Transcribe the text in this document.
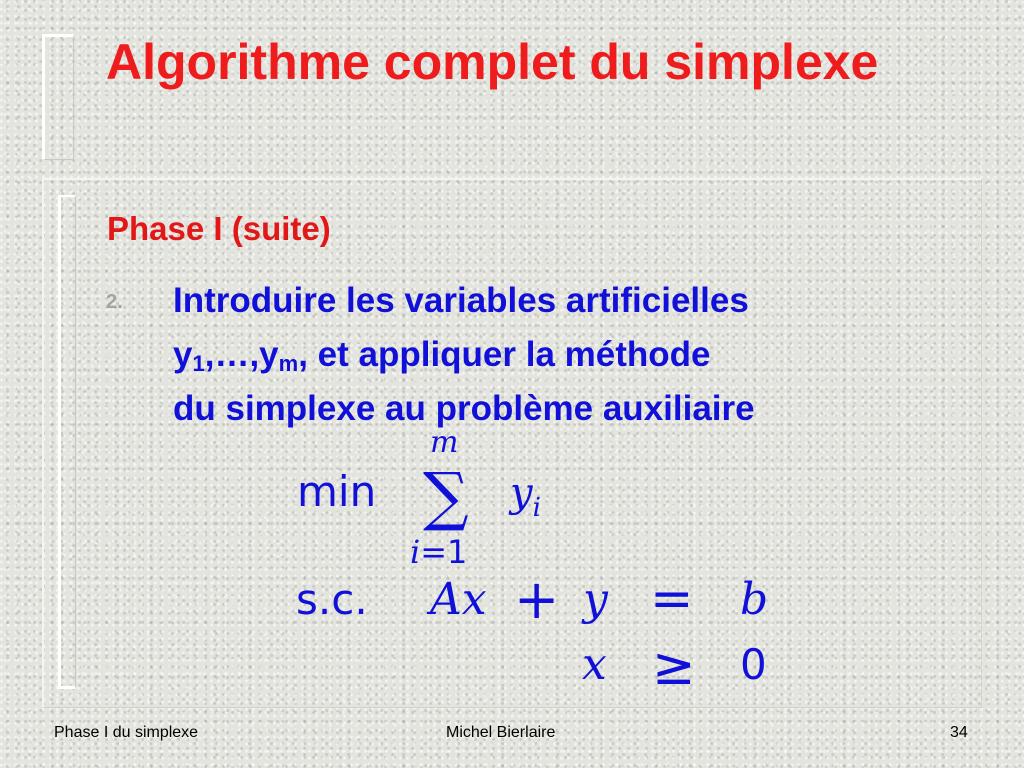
Algorithme complet du simplexe
Phase I (suite)
2. Introduire les variables artificielles
$y_1,\dots,y_m$, et appliquer la méthode
du simplexe au problème auxiliaire
min
m
∑ $y_i$
i=1
s.c. Ax + y = b
x ≥ 0
Phase I du simplexe	Michel Bierlaire	34
